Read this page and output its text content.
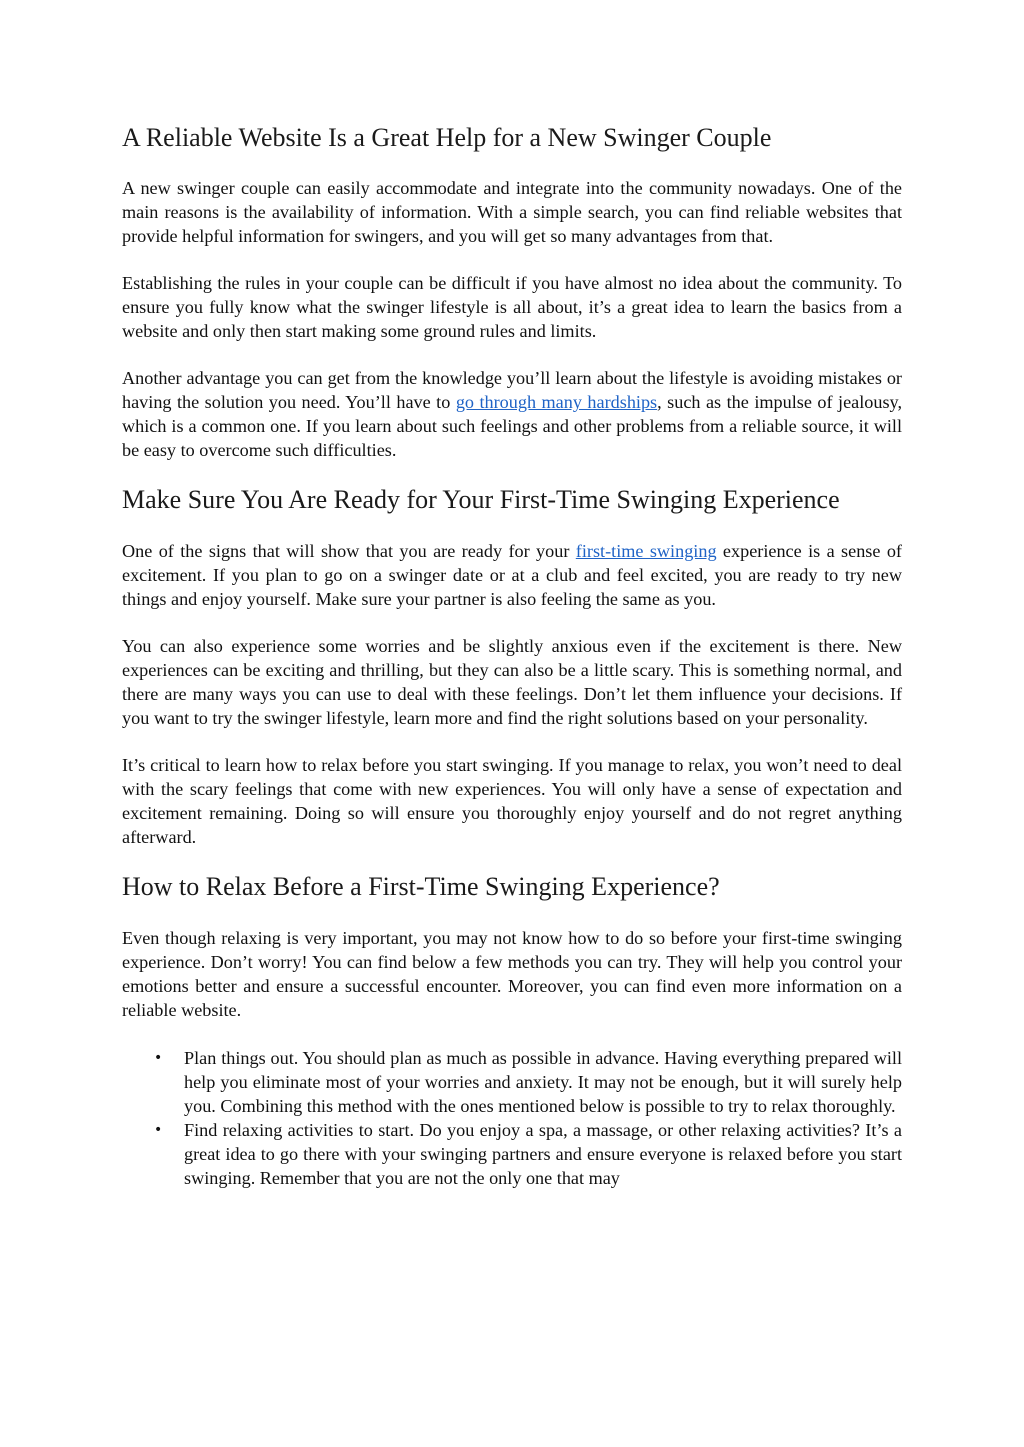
A Reliable Website Is a Great Help for a New Swinger Couple

A new swinger couple can easily accommodate and integrate into the community nowadays. One of the main reasons is the availability of information. With a simple search, you can find reliable websites that provide helpful information for swingers, and you will get so many advantages from that.

Establishing the rules in your couple can be difficult if you have almost no idea about the community. To ensure you fully know what the swinger lifestyle is all about, it’s a great idea to learn the basics from a website and only then start making some ground rules and limits.

Another advantage you can get from the knowledge you’ll learn about the lifestyle is avoiding mistakes or having the solution you need. You’ll have to go through many hardships, such as the impulse of jealousy, which is a common one. If you learn about such feelings and other problems from a reliable source, it will be easy to overcome such difficulties.

Make Sure You Are Ready for Your First-Time Swinging Experience

One of the signs that will show that you are ready for your first-time swinging experience is a sense of excitement. If you plan to go on a swinger date or at a club and feel excited, you are ready to try new things and enjoy yourself. Make sure your partner is also feeling the same as you.

You can also experience some worries and be slightly anxious even if the excitement is there. New experiences can be exciting and thrilling, but they can also be a little scary. This is something normal, and there are many ways you can use to deal with these feelings. Don’t let them influence your decisions. If you want to try the swinger lifestyle, learn more and find the right solutions based on your personality.

It’s critical to learn how to relax before you start swinging. If you manage to relax, you won’t need to deal with the scary feelings that come with new experiences. You will only have a sense of expectation and excitement remaining. Doing so will ensure you thoroughly enjoy yourself and do not regret anything afterward.

How to Relax Before a First-Time Swinging Experience?

Even though relaxing is very important, you may not know how to do so before your first-time swinging experience. Don’t worry! You can find below a few methods you can try. They will help you control your emotions better and ensure a successful encounter. Moreover, you can find even more information on a reliable website.

• Plan things out. You should plan as much as possible in advance. Having everything prepared will help you eliminate most of your worries and anxiety. It may not be enough, but it will surely help you. Combining this method with the ones mentioned below is possible to try to relax thoroughly.
• Find relaxing activities to start. Do you enjoy a spa, a massage, or other relaxing activities? It’s a great idea to go there with your swinging partners and ensure everyone is relaxed before you start swinging. Remember that you are not the only one that may
